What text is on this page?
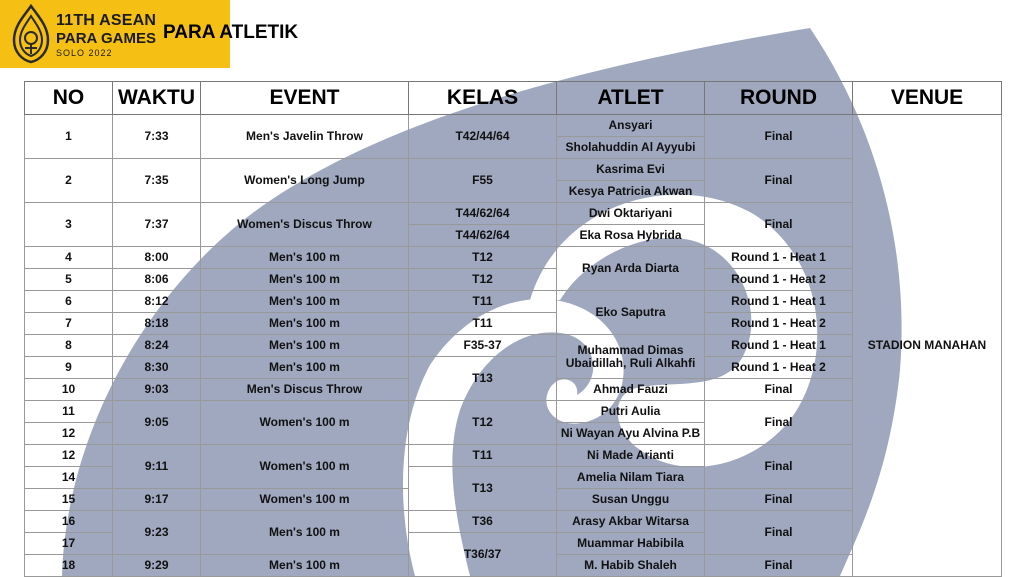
11TH ASEAN
PARA GAMES
SOLO 2022
PARA ATLETIK
NO	WAKTU	EVENT	KELAS	ATLET	ROUND	VENUE
1	7:33	Men's Javelin Throw	T42/44/64	Ansyari	Final	STADION MANAHAN
				Sholahuddin Al Ayyubi		
2	7:35	Women's Long Jump	F55	Kasrima Evi	Final	
				Kesya Patricia Akwan		
3	7:37	Women's Discus Throw	T44/62/64	Dwi Oktariyani	Final	
			T44/62/64	Eka Rosa Hybrida		
4	8:00	Men's 100 m	T12	Ryan Arda Diarta	Round 1 - Heat 1	
5	8:06	Men's 100 m	T12		Round 1 - Heat 2	
6	8:12	Men's 100 m	T11	Eko Saputra	Round 1 - Heat 1	
7	8:18	Men's 100 m	T11		Round 1 - Heat 2	
8	8:24	Men's 100 m	F35-37	Muhammad Dimas Ubaidillah, Ruli Alkahfi	Round 1 - Heat 1	
9	8:30	Men's 100 m	T13		Round 1 - Heat 2	
10	9:03	Men's Discus Throw		Ahmad Fauzi	Final	
11	9:05	Women's 100 m	T12	Putri Aulia	Final	
12				Ni Wayan Ayu Alvina P.B		
12	9:11	Women's 100 m	T11	Ni Made Arianti	Final	
14			T13	Amelia Nilam Tiara		
15	9:17	Women's 100 m		Susan Unggu	Final	
16	9:23	Men's 100 m	T36	Arasy Akbar Witarsa	Final	
17			T36/37	Muammar Habibila		
18	9:29	Men's 100 m		M. Habib Shaleh	Final	
